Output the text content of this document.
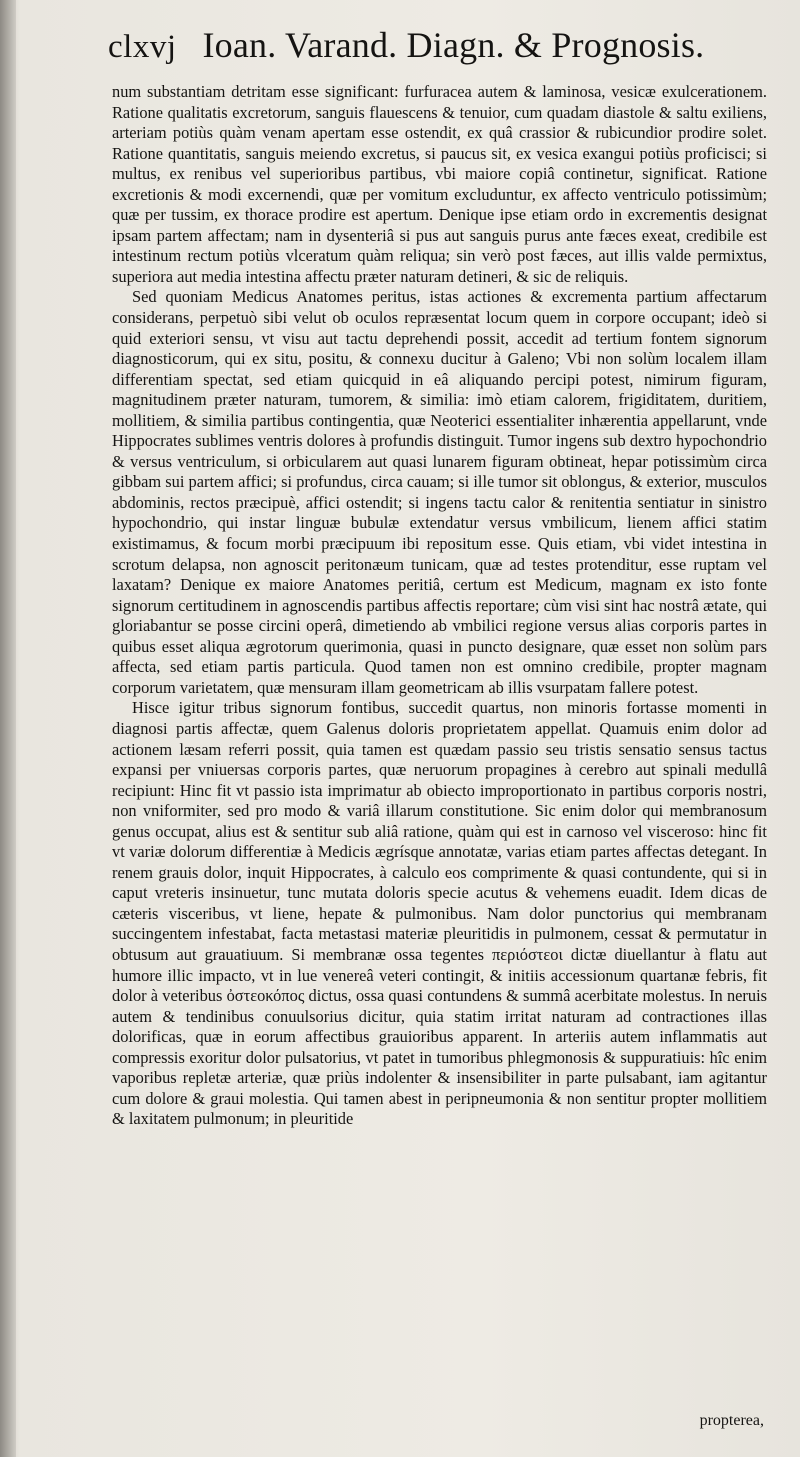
clxvj Ioan. Varand. Diagn. & Prognosis.

num substantiam detritam esse significant: furfuracea autem & laminosa, vesicæ exulcerationem. Ratione qualitatis excretorum, sanguis flauescens & tenuior, cum quadam diastole & saltu exiliens, arteriam potiùs quàm venam apertam esse ostendit, ex quâ crassior & rubicundior prodire solet. Ratione quantitatis, sanguis meiendo excretus, si paucus sit, ex vesica exangui potiùs proficisci; si multus, ex renibus vel superioribus partibus, vbi maiore copiâ continetur, significat. Ratione excretionis & modi excernendi, quæ per vomitum excluduntur, ex affecto ventriculo potissimùm; quæ per tussim, ex thorace prodire est apertum. Denique ipse etiam ordo in excrementis designat ipsam partem affectam; nam in dysenteriâ si pus aut sanguis purus ante fæces exeat, credibile est intestinum rectum potiùs vlceratum quàm reliqua; sin verò post fæces, aut illis valde permixtus, superiora aut media intestina affectu præter naturam detineri, & sic de reliquis.

Sed quoniam Medicus Anatomes peritus, istas actiones & excrementa partium affectarum considerans, perpetuò sibi velut ob oculos repræsentat locum quem in corpore occupant; ideò si quid exteriori sensu, vt visu aut tactu deprehendi possit, accedit ad tertium fontem signorum diagnosticorum, qui ex situ, positu, & connexu ducitur à Galeno; Vbi non solùm localem illam differentiam spectat, sed etiam quicquid in eâ aliquando percipi potest, nimirum figuram, magnitudinem præter naturam, tumorem, & similia: imò etiam calorem, frigiditatem, duritiem, mollitiem, & similia partibus contingentia, quæ Neoterici essentialiter inhærentia appellarunt, vnde Hippocrates sublimes ventris dolores à profundis distinguit. Tumor ingens sub dextro hypochondrio & versus ventriculum, si orbicularem aut quasi lunarem figuram obtineat, hepar potissimùm circa gibbam sui partem affici; si profundus, circa cauam; si ille tumor sit oblongus, & exterior, musculos abdominis, rectos præcipuè, affici ostendit; si ingens tactu calor & renitentia sentiatur in sinistro hypochondrio, qui instar linguæ bubulæ extendatur versus vmbilicum, lienem affici statim existimamus, & focum morbi præcipuum ibi repositum esse. Quis etiam, vbi videt intestina in scrotum delapsa, non agnoscit peritonæum tunicam, quæ ad testes protenditur, esse ruptam vel laxatam? Denique ex maiore Anatomes peritiâ, certum est Medicum, magnam ex isto fonte signorum certitudinem in agnoscendis partibus affectis reportare; cùm visi sint hac nostrâ ætate, qui gloriabantur se posse circini operâ, dimetiendo ab vmbilici regione versus alias corporis partes in quibus esset aliqua ægrotorum querimonia, quasi in puncto designare, quæ esset non solùm pars affecta, sed etiam partis particula. Quod tamen non est omnino credibile, propter magnam corporum varietatem, quæ mensuram illam geometricam ab illis vsurpatam fallere potest.

Hisce igitur tribus signorum fontibus, succedit quartus, non minoris fortasse momenti in diagnosi partis affectæ, quem Galenus doloris proprietatem appellat. Quamuis enim dolor ad actionem læsam referri possit, quia tamen est quædam passio seu tristis sensatio sensus tactus expansi per vniuersas corporis partes, quæ neruorum propagines à cerebro aut spinali medullâ recipiunt: Hinc fit vt passio ista imprimatur ab obiecto improportionato in partibus corporis nostri, non vniformiter, sed pro modo & variâ illarum constitutione. Sic enim dolor qui membranosum genus occupat, alius est & sentitur sub aliâ ratione, quàm qui est in carnoso vel visceroso: hinc fit vt variæ dolorum differentiæ à Medicis ægrísque annotatæ, varias etiam partes affectas detegant. In renem grauis dolor, inquit Hippocrates, à calculo eos comprimente & quasi contundente, qui si in caput vreteris insinuetur, tunc mutata doloris specie acutus & vehemens euadit. Idem dicas de cæteris visceribus, vt liene, hepate & pulmonibus. Nam dolor punctorius qui membranam succingentem infestabat, facta metastasi materiæ pleuritidis in pulmonem, cessat & permutatur in obtusum aut grauatiuum. Si membranæ ossa tegentes περιόστεοι dictæ diuellantur à flatu aut humore illic impacto, vt in lue venereâ veteri contingit, & initiis accessionum quartanæ febris, fit dolor à veteribus ὀστεοκόπος dictus, ossa quasi contundens & summâ acerbitate molestus. In neruis autem & tendinibus conuulsorius dicitur, quia statim irritat naturam ad contractiones illas dolorificas, quæ in eorum affectibus grauioribus apparent. In arteriis autem inflammatis aut compressis exoritur dolor pulsatorius, vt patet in tumoribus phlegmonosis & suppuratiuis: hîc enim vaporibus repletæ arteriæ, quæ priùs indolenter & insensibiliter in parte pulsabant, iam agitantur cum dolore & graui molestia. Qui tamen abest in peripneumonia & non sentitur propter mollitiem & laxitatem pulmonum; in pleuritide

propterea,
